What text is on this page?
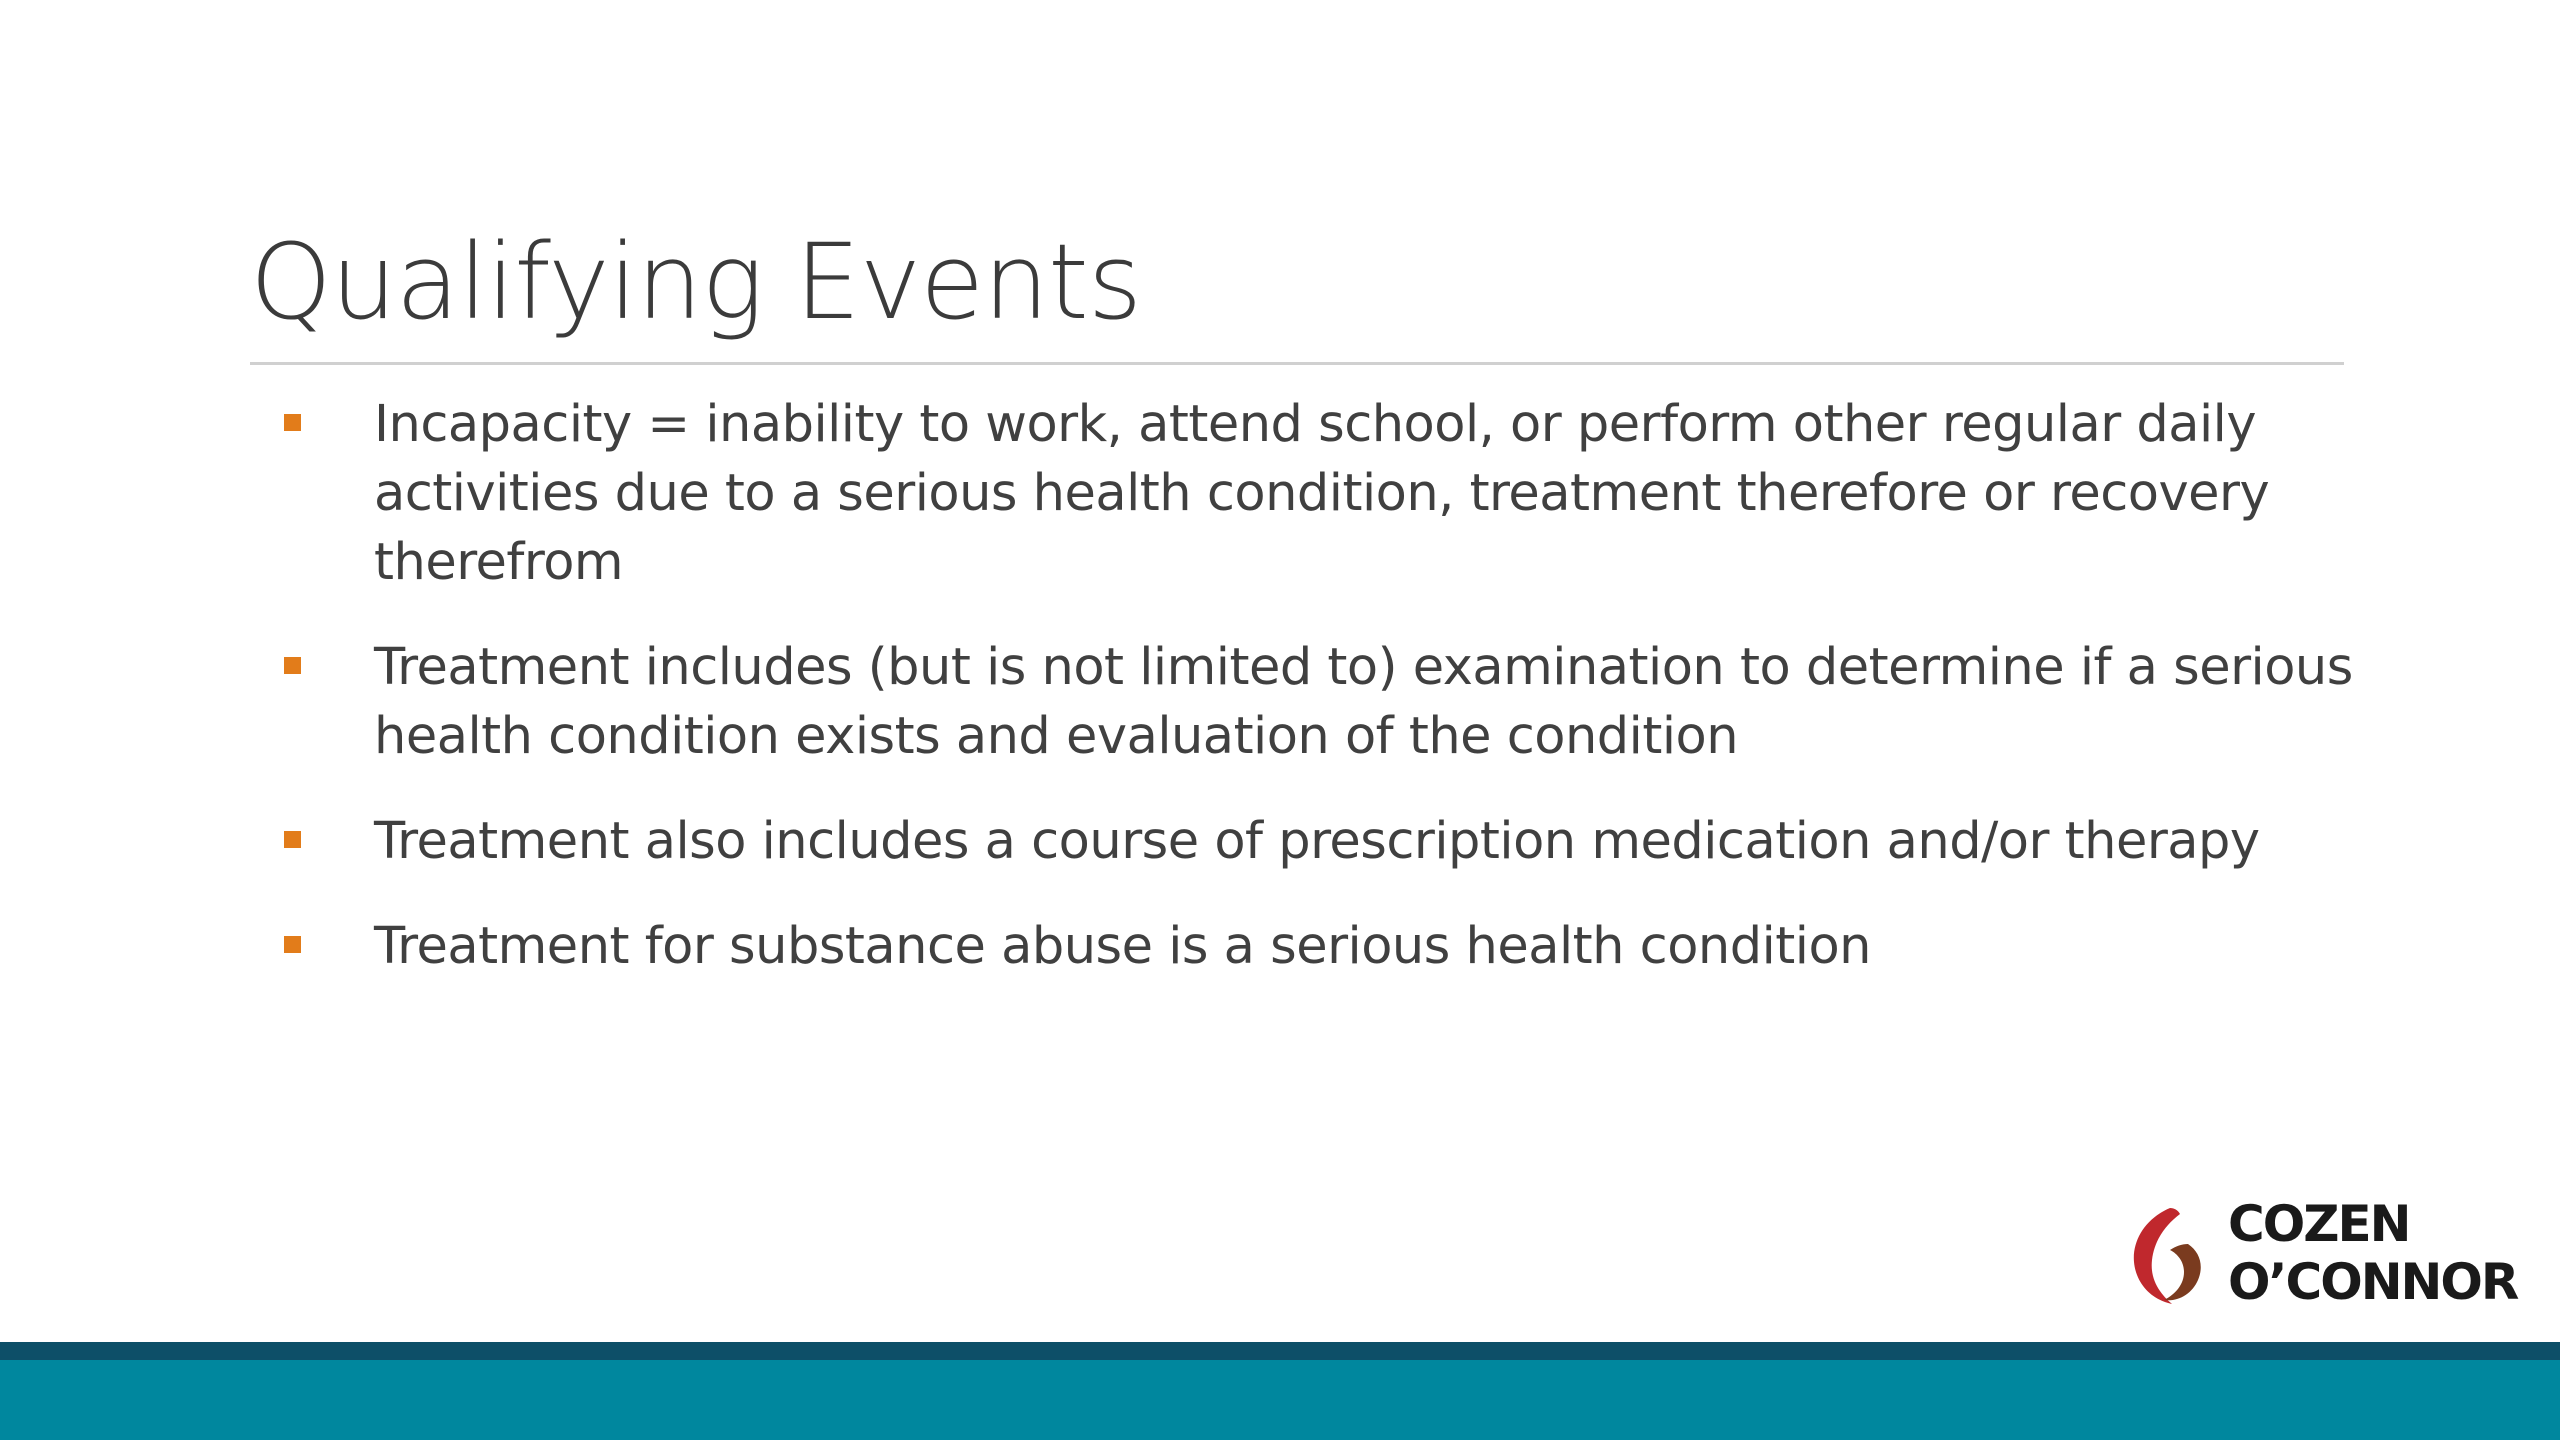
Qualifying Events
Incapacity = inability to work, attend school, or perform other regular daily activities due to a serious health condition, treatment therefore or recovery therefrom
Treatment includes (but is not limited to) examination to determine if a serious health condition exists and evaluation of the condition
Treatment also includes a course of prescription medication and/or therapy
Treatment for substance abuse is a serious health condition
COZEN
O’CONNOR
